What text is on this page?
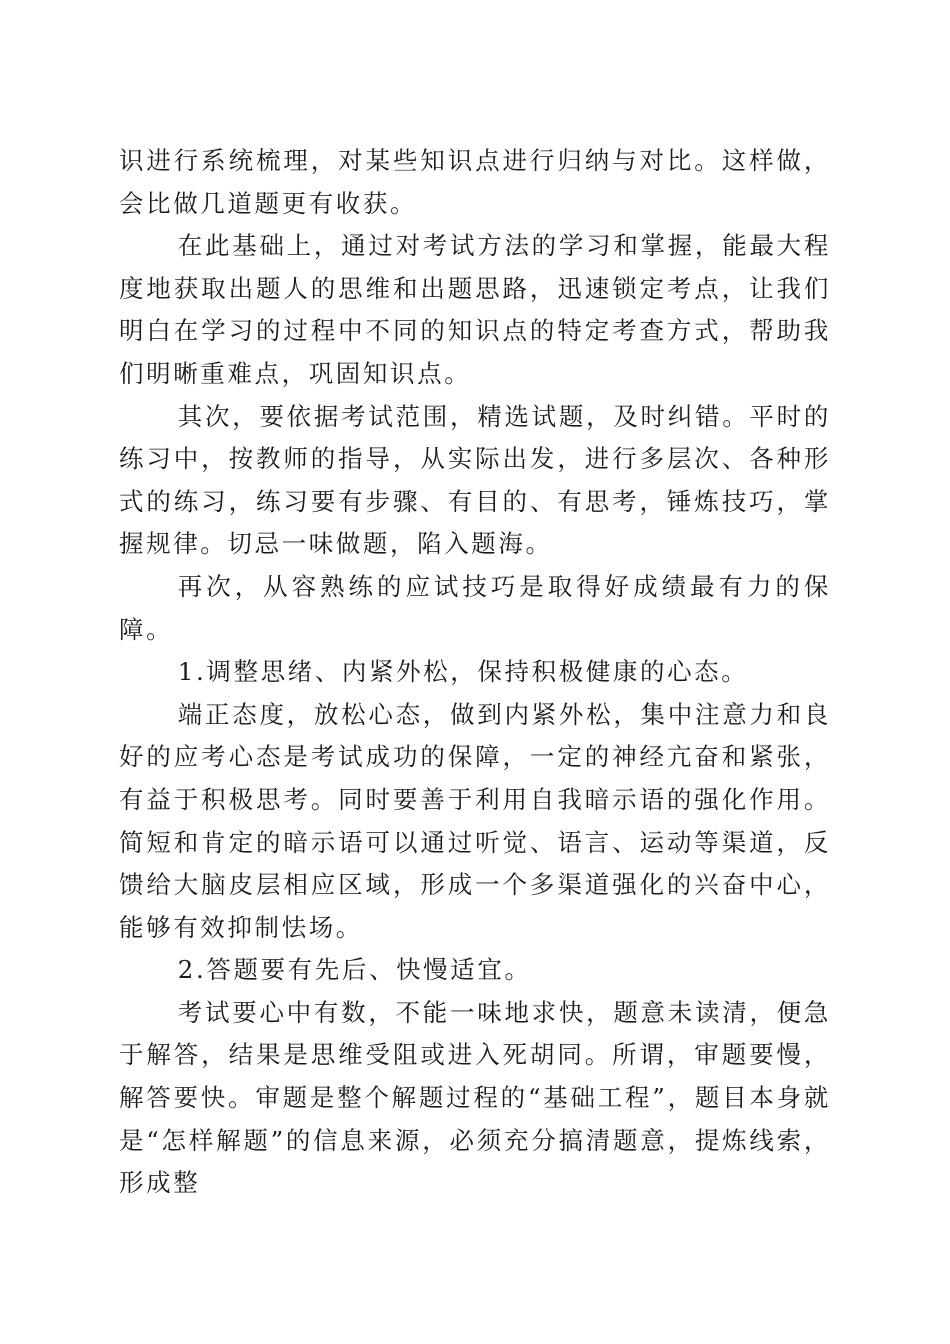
识进行系统梳理，对某些知识点进行归纳与对比。这样做，会比做几道题更有收获。

在此基础上，通过对考试方法的学习和掌握，能最大程度地获取出题人的思维和出题思路，迅速锁定考点，让我们明白在学习的过程中不同的知识点的特定考查方式，帮助我们明晰重难点，巩固知识点。

其次，要依据考试范围，精选试题，及时纠错。平时的练习中，按教师的指导，从实际出发，进行多层次、各种形式的练习，练习要有步骤、有目的、有思考，锤炼技巧，掌握规律。切忌一味做题，陷入题海。

再次，从容熟练的应试技巧是取得好成绩最有力的保障。

1.调整思绪、内紧外松，保持积极健康的心态。

端正态度，放松心态，做到内紧外松，集中注意力和良好的应考心态是考试成功的保障，一定的神经亢奋和紧张，有益于积极思考。同时要善于利用自我暗示语的强化作用。简短和肯定的暗示语可以通过听觉、语言、运动等渠道，反馈给大脑皮层相应区域，形成一个多渠道强化的兴奋中心，能够有效抑制怯场。

2.答题要有先后、快慢适宜。

考试要心中有数，不能一味地求快，题意未读清，便急于解答，结果是思维受阻或进入死胡同。所谓，审题要慢，解答要快。审题是整个解题过程的“基础工程”，题目本身就是“怎样解题”的信息来源，必须充分搞清题意，提炼线索，形成整
